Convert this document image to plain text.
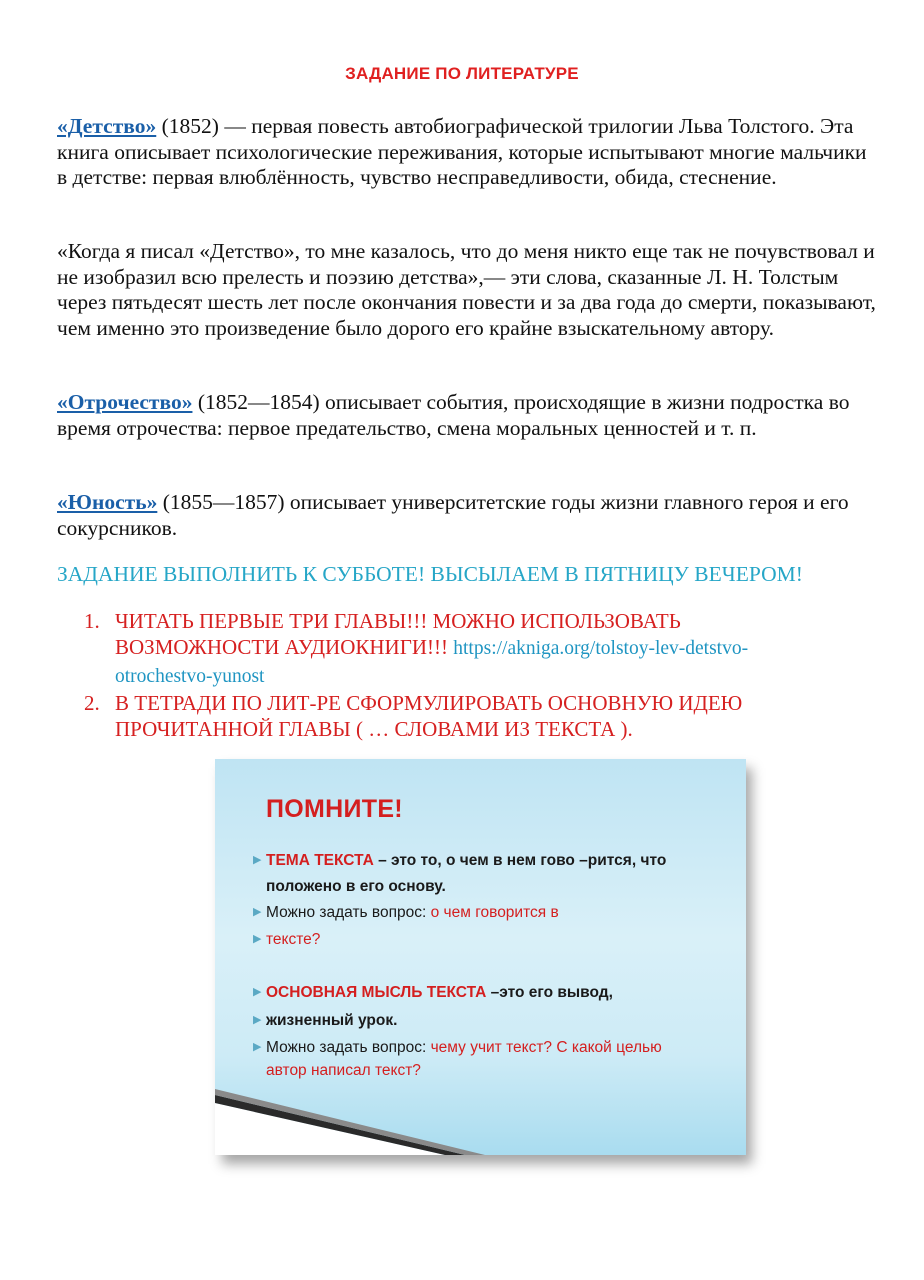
ЗАДАНИЕ ПО ЛИТЕРАТУРЕ

«Детство» (1852) — первая повесть автобиографической трилогии Льва Толстого. Эта книга описывает психологические переживания, которые испытывают многие мальчики в детстве: первая влюблённость, чувство несправедливости, обида, стеснение.

«Когда я писал «Детство», то мне казалось, что до меня никто еще так не почувствовал и не изобразил всю прелесть и поэзию детства»,— эти слова, сказанные Л. Н. Толстым через пятьдесят шесть лет после окончания повести и за два года до смерти, показывают, чем именно это произведение было дорого его крайне взыскательному автору.

«Отрочество» (1852—1854) описывает события, происходящие в жизни подростка во время отрочества: первое предательство, смена моральных ценностей и т. п.

«Юность» (1855—1857) описывает университетские годы жизни главного героя и его сокурсников.

ЗАДАНИЕ ВЫПОЛНИТЬ К СУББОТЕ! ВЫСЫЛАЕМ В ПЯТНИЦУ ВЕЧЕРОМ!
1. ЧИТАТЬ ПЕРВЫЕ ТРИ ГЛАВЫ!!! МОЖНО ИСПОЛЬЗОВАТЬ ВОЗМОЖНОСТИ АУДИОКНИГИ!!! https://akniga.org/tolstoy-lev-detstvo-otrochestvo-yunost
2. В ТЕТРАДИ ПО ЛИТ-РЕ СФОРМУЛИРОВАТЬ ОСНОВНУЮ ИДЕЮ ПРОЧИТАННОЙ ГЛАВЫ ( … СЛОВАМИ ИЗ ТЕКСТА ).
ПОМНИТЕ!
▶ ТЕМА ТЕКСТА – это то, о чем в нем гово –рится, что
положено в его основу.
▶ Можно задать вопрос: о чем говорится в
▶ тексте?
▶ ОСНОВНАЯ МЫСЛЬ ТЕКСТА –это его вывод,
▶ жизненный урок.
▶ Можно задать вопрос: чему учит текст? С какой целью
автор написал текст?
